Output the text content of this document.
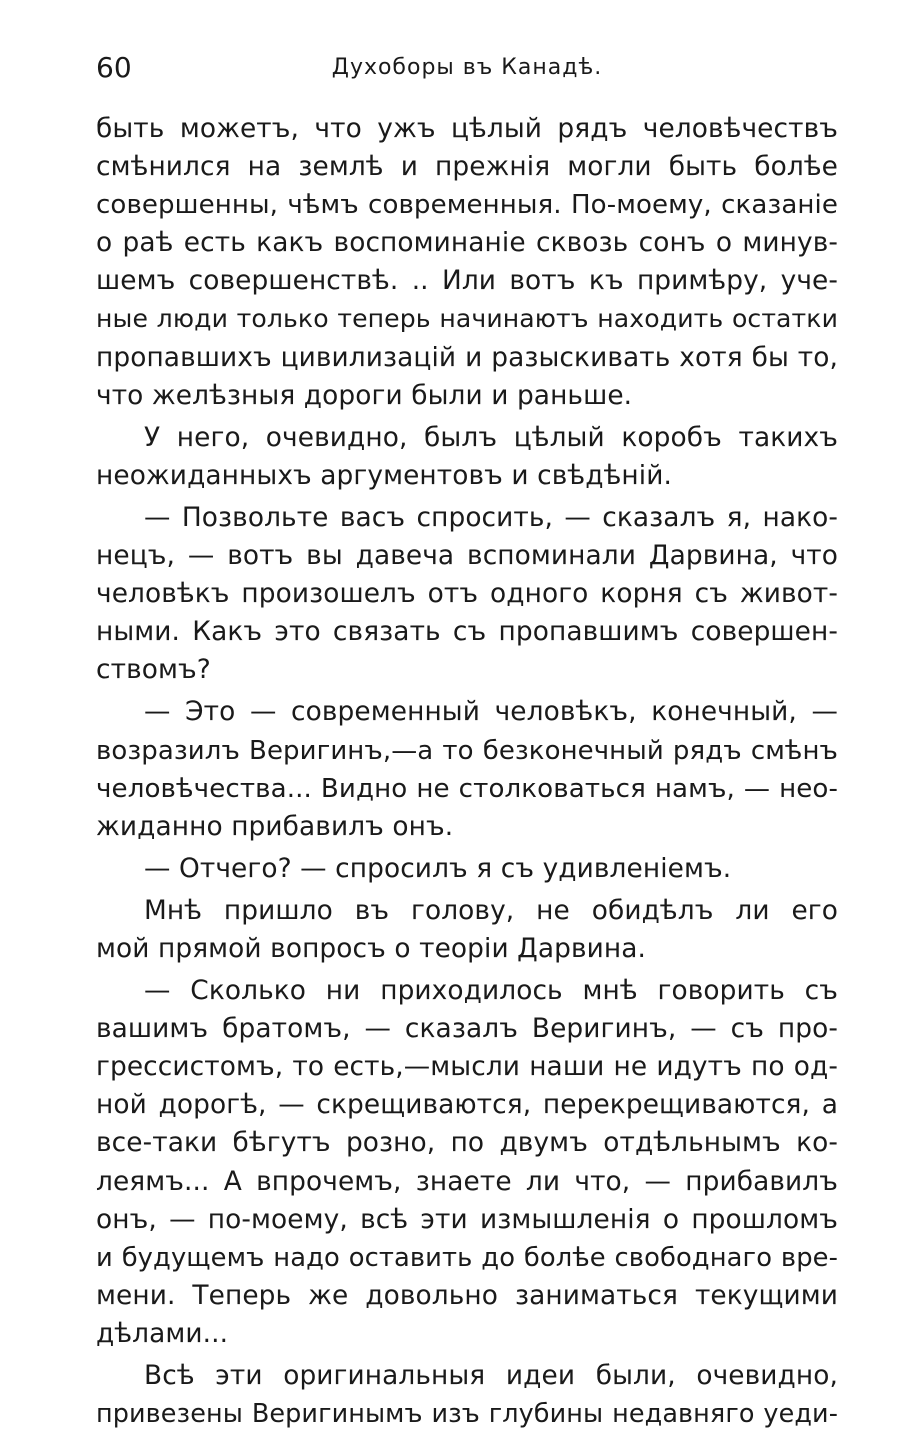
60	Духоборы въ Канадѣ.
быть можетъ, что ужъ цѣлый рядъ человѣчествъ
смѣнился на землѣ и прежнія могли быть болѣе
совершенны, чѣмъ современныя. По-моему, сказаніе
о раѣ есть какъ воспоминаніе сквозь сонъ о минув-
шемъ совершенствѣ. .. Или вотъ къ примѣру, уче-
ные люди только теперь начинаютъ находить остатки
пропавшихъ цивилизацій и разыскивать хотя бы то,
что желѣзныя дороги были и раньше.
У него, очевидно, былъ цѣлый коробъ такихъ
неожиданныхъ аргументовъ и свѣдѣній.
— Позвольте васъ спросить, — сказалъ я, нако-
нецъ, — вотъ вы давеча вспоминали Дарвина, что
человѣкъ произошелъ отъ одного корня съ живот-
ными. Какъ это связать съ пропавшимъ совершен-
ствомъ?
— Это — современный человѣкъ, конечный, —
возразилъ Веригинъ,—а то безконечный рядъ смѣнъ
человѣчества... Видно не столковаться намъ, — нео-
жиданно прибавилъ онъ.
— Отчего? — спросилъ я съ удивленіемъ.
Мнѣ пришло въ голову, не обидѣлъ ли его
мой прямой вопросъ о теоріи Дарвина.
— Сколько ни приходилось мнѣ говорить съ
вашимъ братомъ, — сказалъ Веригинъ, — съ про-
грессистомъ, то есть,—мысли наши не идутъ по од-
ной дорогѣ, — скрещиваются, перекрещиваются, а
все-таки бѣгутъ розно, по двумъ отдѣльнымъ ко-
леямъ... А впрочемъ, знаете ли что, — прибавилъ
онъ, — по-моему, всѣ эти измышленія о прошломъ
и будущемъ надо оставить до болѣе свободнаго вре-
мени. Теперь же довольно заниматься текущими
дѣлами...
Всѣ эти оригинальныя идеи были, очевидно,
привезены Веригинымъ изъ глубины недавняго уеди-
